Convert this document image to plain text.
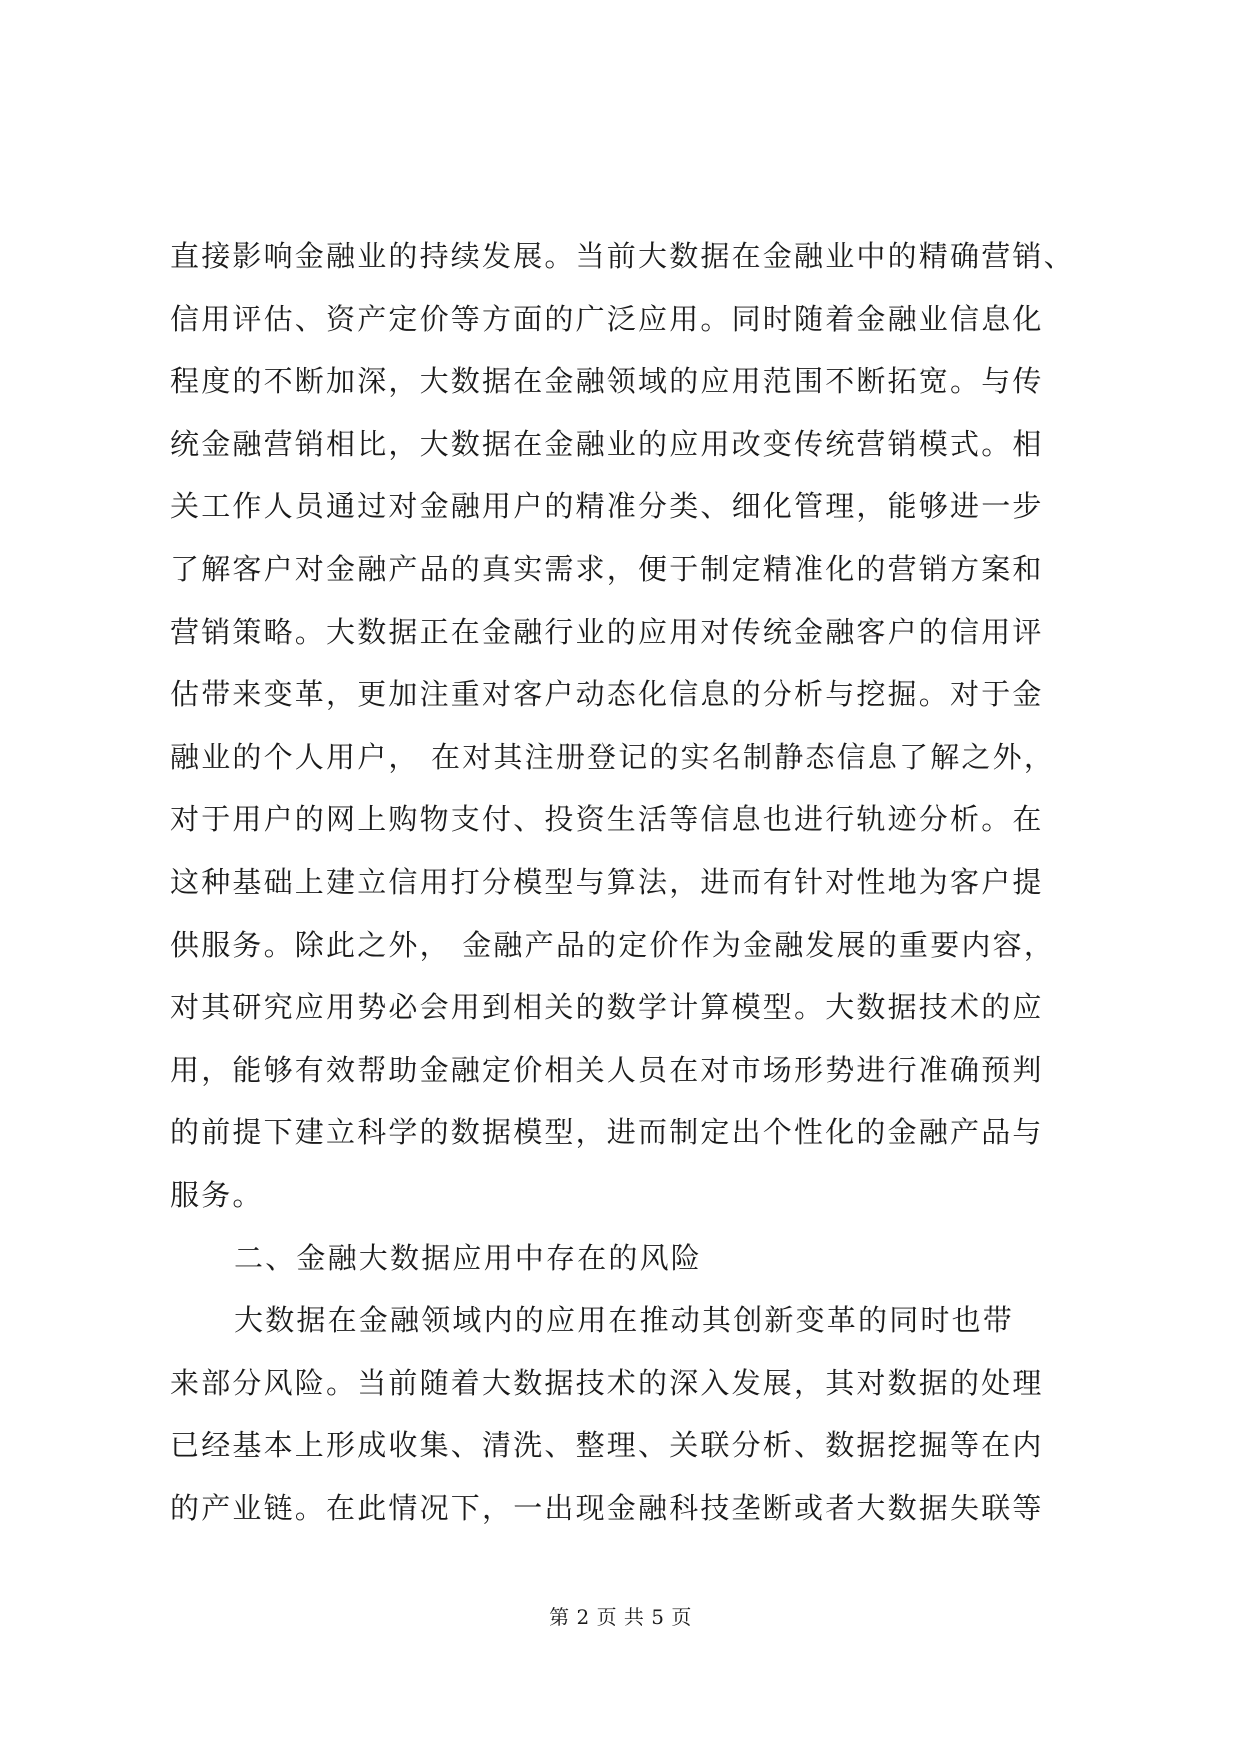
直接影响金融业的持续发展。当前大数据在金融业中的精确营销、
信用评估、资产定价等方面的广泛应用。同时随着金融业信息化
程度的不断加深，大数据在金融领域的应用范围不断拓宽。与传
统金融营销相比，大数据在金融业的应用改变传统营销模式。相
关工作人员通过对金融用户的精准分类、细化管理，能够进一步
了解客户对金融产品的真实需求，便于制定精准化的营销方案和
营销策略。大数据正在金融行业的应用对传统金融客户的信用评
估带来变革，更加注重对客户动态化信息的分析与挖掘。对于金
融业的个人用户， 在对其注册登记的实名制静态信息了解之外，
对于用户的网上购物支付、投资生活等信息也进行轨迹分析。在
这种基础上建立信用打分模型与算法，进而有针对性地为客户提
供服务。除此之外， 金融产品的定价作为金融发展的重要内容，
对其研究应用势必会用到相关的数学计算模型。大数据技术的应
用，能够有效帮助金融定价相关人员在对市场形势进行准确预判
的前提下建立科学的数据模型，进而制定出个性化的金融产品与
服务。
二、金融大数据应用中存在的风险
大数据在金融领域内的应用在推动其创新变革的同时也带
来部分风险。当前随着大数据技术的深入发展，其对数据的处理
已经基本上形成收集、清洗、整理、关联分析、数据挖掘等在内
的产业链。在此情况下，一出现金融科技垄断或者大数据失联等
第 2 页 共 5 页
